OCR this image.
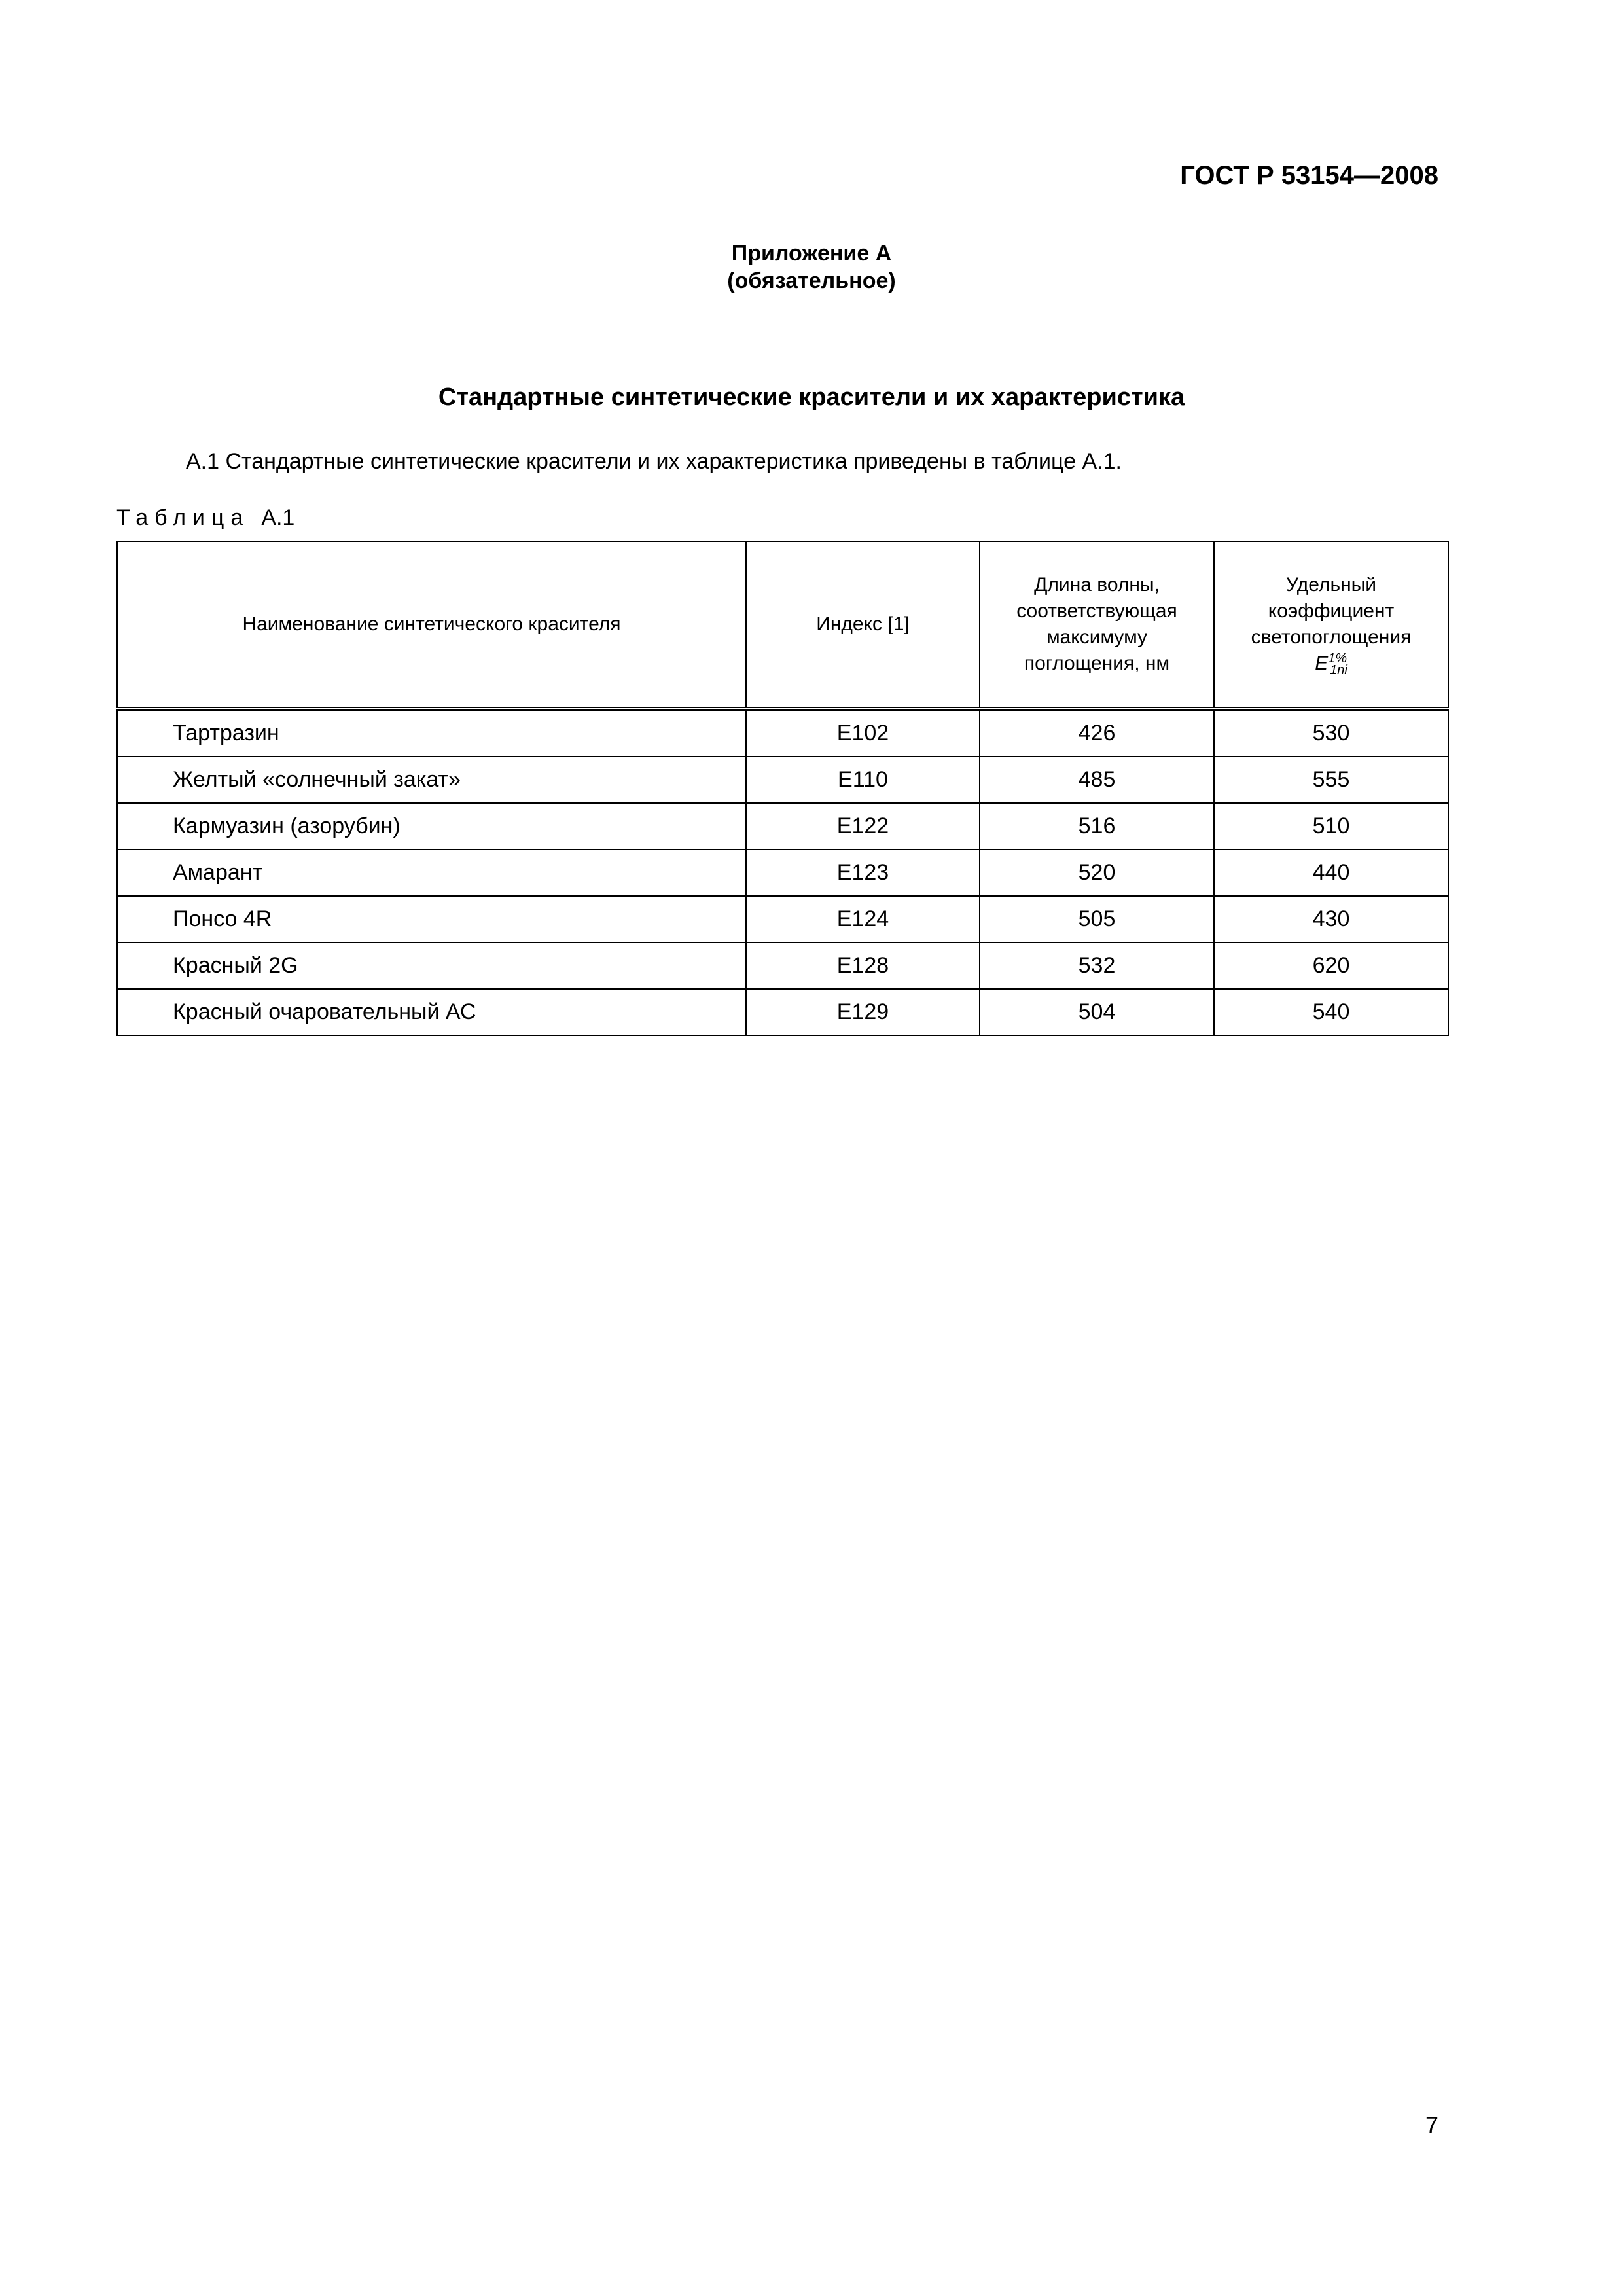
ГОСТ Р 53154—2008
Приложение А
(обязательное)
Стандартные синтетические красители и их характеристика
А.1 Стандартные синтетические красители и их характеристика приведены в таблице А.1.
Таблица А.1
Наименование синтетического красителя	Индекс [1]	Длина волны, соответствующая максимуму поглощения, нм	Удельный коэффициент светопоглощения
$E^{1\%}_{1ni}$
Тартразин	Е102	426	530
Желтый «солнечный закат»	Е110	485	555
Кармуазин (азорубин)	Е122	516	510
Амарант	Е123	520	440
Понсо 4R	Е124	505	430
Красный 2G	Е128	532	620
Красный очаровательный АС	Е129	504	540
7
